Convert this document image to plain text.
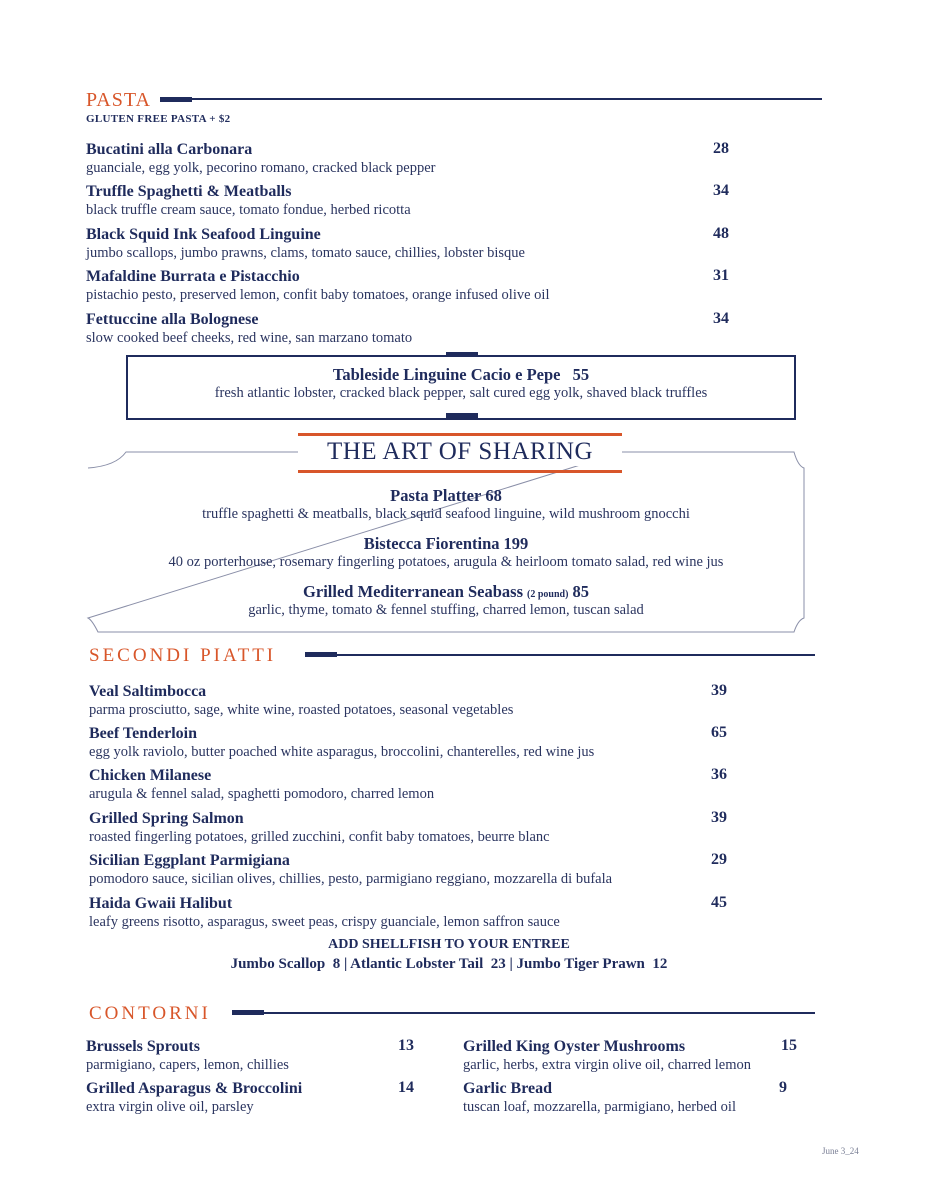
PASTA
GLUTEN FREE PASTA + $2
Bucatini alla Carbonara
guanciale, egg yolk, pecorino romano, cracked black pepper
28
Truffle Spaghetti & Meatballs
black truffle cream sauce, tomato fondue, herbed ricotta
34
Black Squid Ink Seafood Linguine
jumbo scallops, jumbo prawns, clams, tomato sauce, chillies, lobster bisque
48
Mafaldine Burrata e Pistacchio
pistachio pesto, preserved lemon, confit baby tomatoes, orange infused olive oil
31
Fettuccine alla Bolognese
slow cooked beef cheeks, red wine, san marzano tomato
34
Tableside Linguine Cacio e Pepe 55
fresh atlantic lobster, cracked black pepper, salt cured egg yolk, shaved black truffles
THE ART OF SHARING
Pasta Platter 68
truffle spaghetti & meatballs, black squid seafood linguine, wild mushroom gnocchi
Bistecca Fiorentina 199
40 oz porterhouse, rosemary fingerling potatoes, arugula & heirloom tomato salad, red wine jus
Grilled Mediterranean Seabass (2 pound) 85
garlic, thyme, tomato & fennel stuffing, charred lemon, tuscan salad
SECONDI PIATTI
Veal Saltimbocca
parma prosciutto, sage, white wine, roasted potatoes, seasonal vegetables
39
Beef Tenderloin
egg yolk raviolo, butter poached white asparagus, broccolini, chanterelles, red wine jus
65
Chicken Milanese
arugula & fennel salad, spaghetti pomodoro, charred lemon
36
Grilled Spring Salmon
roasted fingerling potatoes, grilled zucchini, confit baby tomatoes, beurre blanc
39
Sicilian Eggplant Parmigiana
pomodoro sauce, sicilian olives, chillies, pesto, parmigiano reggiano, mozzarella di bufala
29
Haida Gwaii Halibut
leafy greens risotto, asparagus, sweet peas, crispy guanciale, lemon saffron sauce
45
ADD SHELLFISH TO YOUR ENTREE
Jumbo Scallop  8 | Atlantic Lobster Tail  23 | Jumbo Tiger Prawn  12
CONTORNI
Brussels Sprouts
parmigiano, capers, lemon, chillies
13
Grilled Asparagus & Broccolini
extra virgin olive oil, parsley
14
Grilled King Oyster Mushrooms
garlic, herbs, extra virgin olive oil, charred lemon
15
Garlic Bread
tuscan loaf, mozzarella, parmigiano, herbed oil
9
June 3_24
